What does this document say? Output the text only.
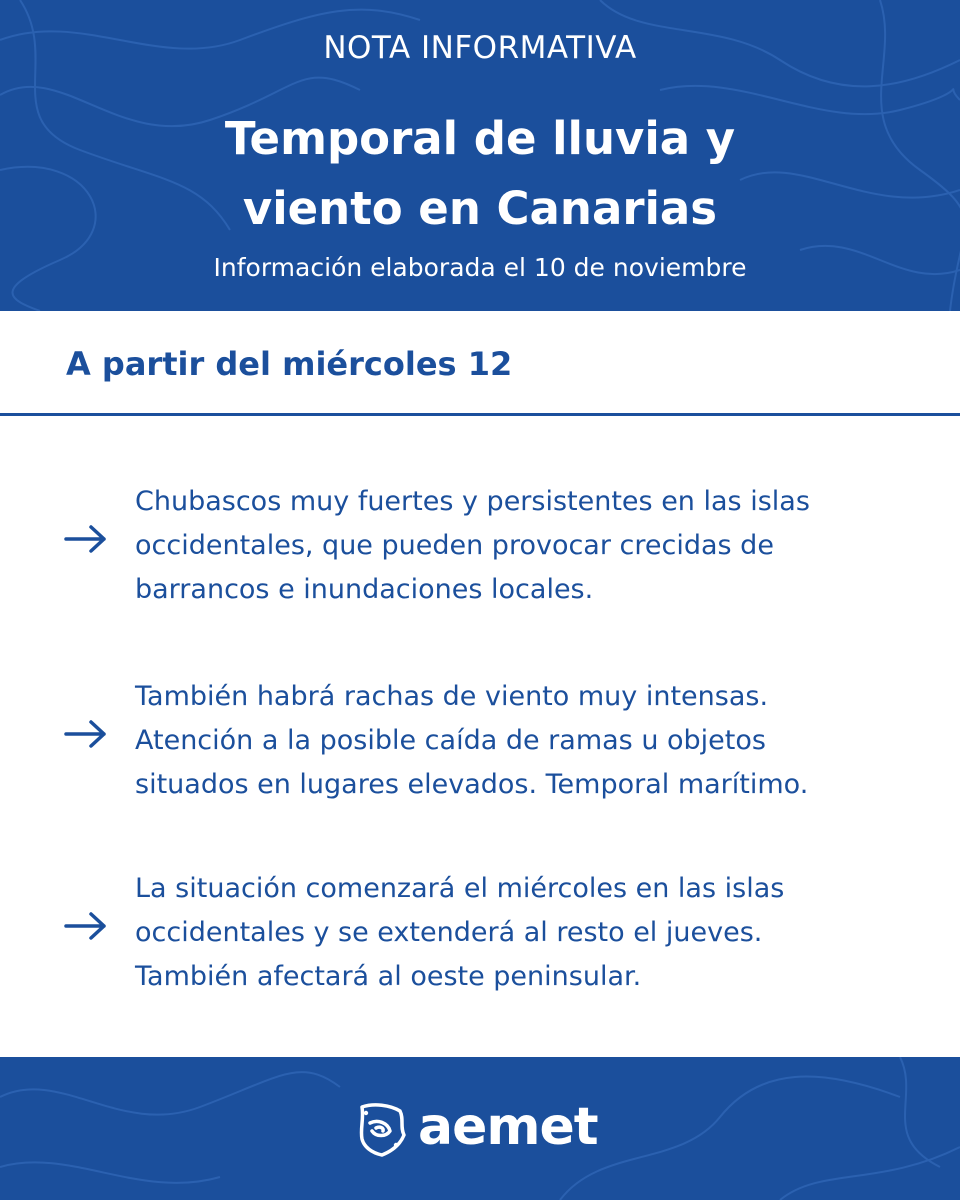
NOTA INFORMATIVA
Temporal de lluvia y
viento en Canarias
Información elaborada el 10 de noviembre
A partir del miércoles 12
Chubascos muy fuertes y persistentes en las islas
occidentales, que pueden provocar crecidas de
barrancos e inundaciones locales.
También habrá rachas de viento muy intensas.
Atención a la posible caída de ramas u objetos
situados en lugares elevados. Temporal marítimo.
La situación comenzará el miércoles en las islas
occidentales y se extenderá al resto el jueves.
También afectará al oeste peninsular.
aemet
